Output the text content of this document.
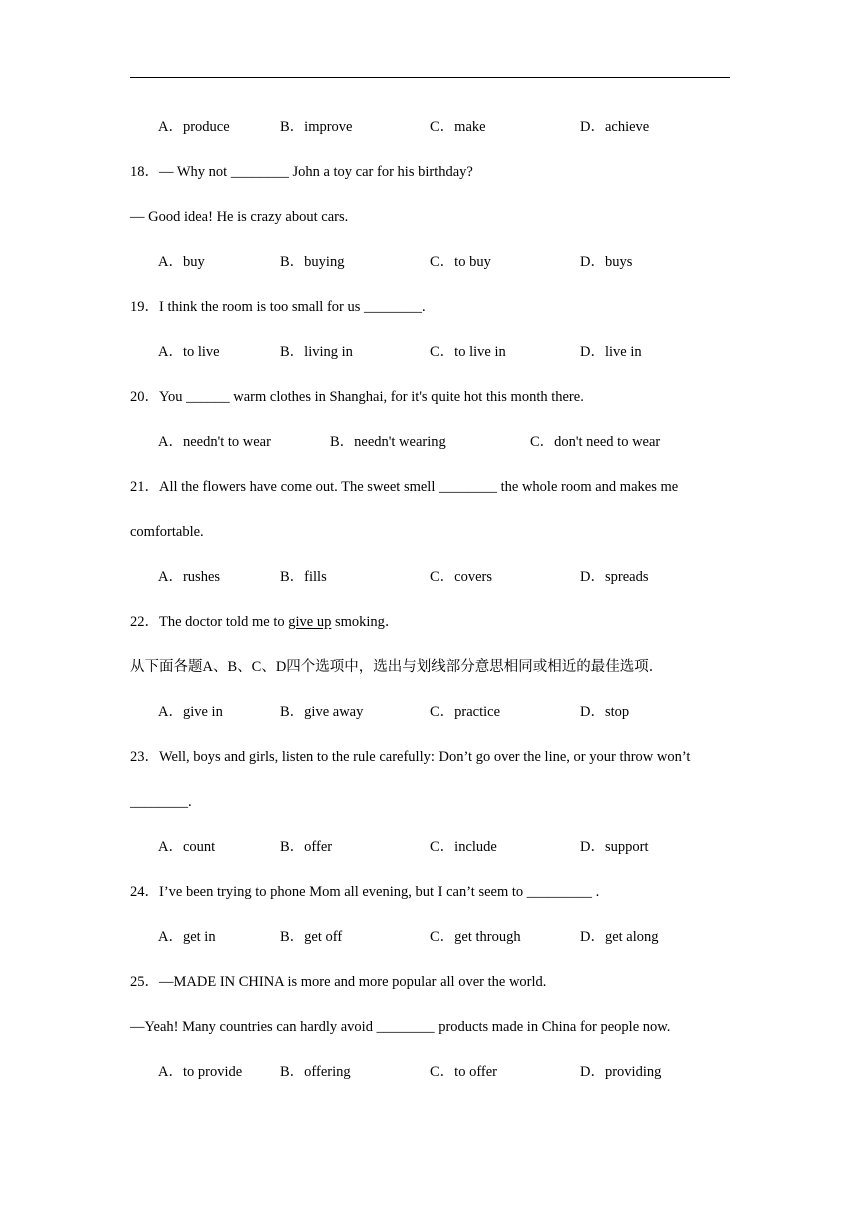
A．produce	B．improve	C．make	D．achieve
18．— Why not ________ John a toy car for his birthday?
— Good idea! He is crazy about cars.
A．buy	B．buying	C．to buy	D．buys
19．I think the room is too small for us ________.
A．to live	B．living in	C．to live in	D．live in
20．You ______ warm clothes in Shanghai, for it's quite hot this month there.
A．needn't to wear	B．needn't wearing	C．don't need to wear
21．All the flowers have come out. The sweet smell ________ the whole room and makes me
comfortable.
A．rushes	B．fills	C．covers	D．spreads
22．The doctor told me to give up smoking．
从下面各题A、B、C、D四个选项中，选出与划线部分意思相同或相近的最佳选项．
A．give in	B．give away	C．practice	D．stop
23．Well, boys and girls, listen to the rule carefully: Don’t go over the line, or your throw won’t
________.
A．count	B．offer	C．include	D．support
24．I’ve been trying to phone Mom all evening, but I can’t seem to _________ .
A．get in	B．get off	C．get through	D．get along
25．—MADE IN CHINA is more and more popular all over the world.
—Yeah! Many countries can hardly avoid ________ products made in China for people now.
A．to provide	B．offering	C．to offer	D．providing
